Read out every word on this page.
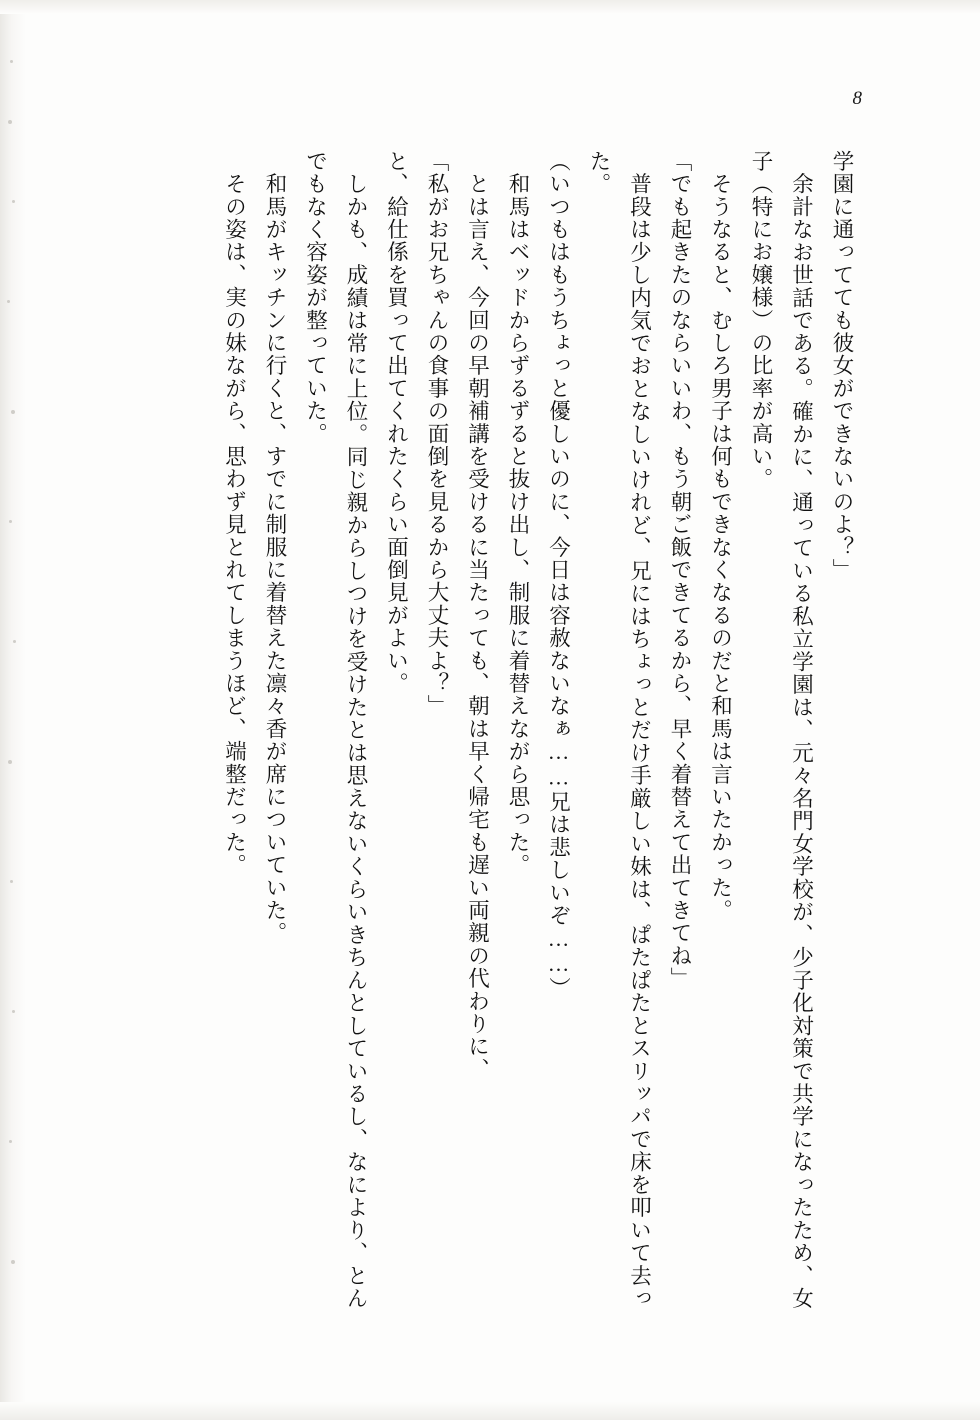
8

学園に通ってても彼女ができないのよ？」

　余計なお世話である。確かに、通っている私立学園は、元々名門女学校が、少子化対策で共学になったため、女子（特にお嬢様）の比率が高い。

　そうなると、むしろ男子は何もできなくなるのだと和馬は言いたかった。

「でも起きたのならいいわ、もう朝ご飯できてるから、早く着替えて出てきてね」

　普段は少し内気でおとなしいけれど、兄にはちょっとだけ手厳しい妹は、ぱたぱたとスリッパで床を叩いて去った。

（いつもはもうちょっと優しいのに、今日は容赦ないなぁ……兄は悲しいぞ……）

　和馬はベッドからずるずると抜け出し、制服に着替えながら思った。

　とは言え、今回の早朝補講を受けるに当たっても、朝は早く帰宅も遅い両親の代わりに、

「私がお兄ちゃんの食事の面倒を見るから大丈夫よ？」

と、給仕係を買って出てくれたくらい面倒見がよい。

　しかも、成績は常に上位。同じ親からしつけを受けたとは思えないくらいきちんとしているし、なにより、とんでもなく容姿が整っていた。

　和馬がキッチンに行くと、すでに制服に着替えた凛々香が席についていた。

　その姿は、実の妹ながら、思わず見とれてしまうほど、端整だった。
